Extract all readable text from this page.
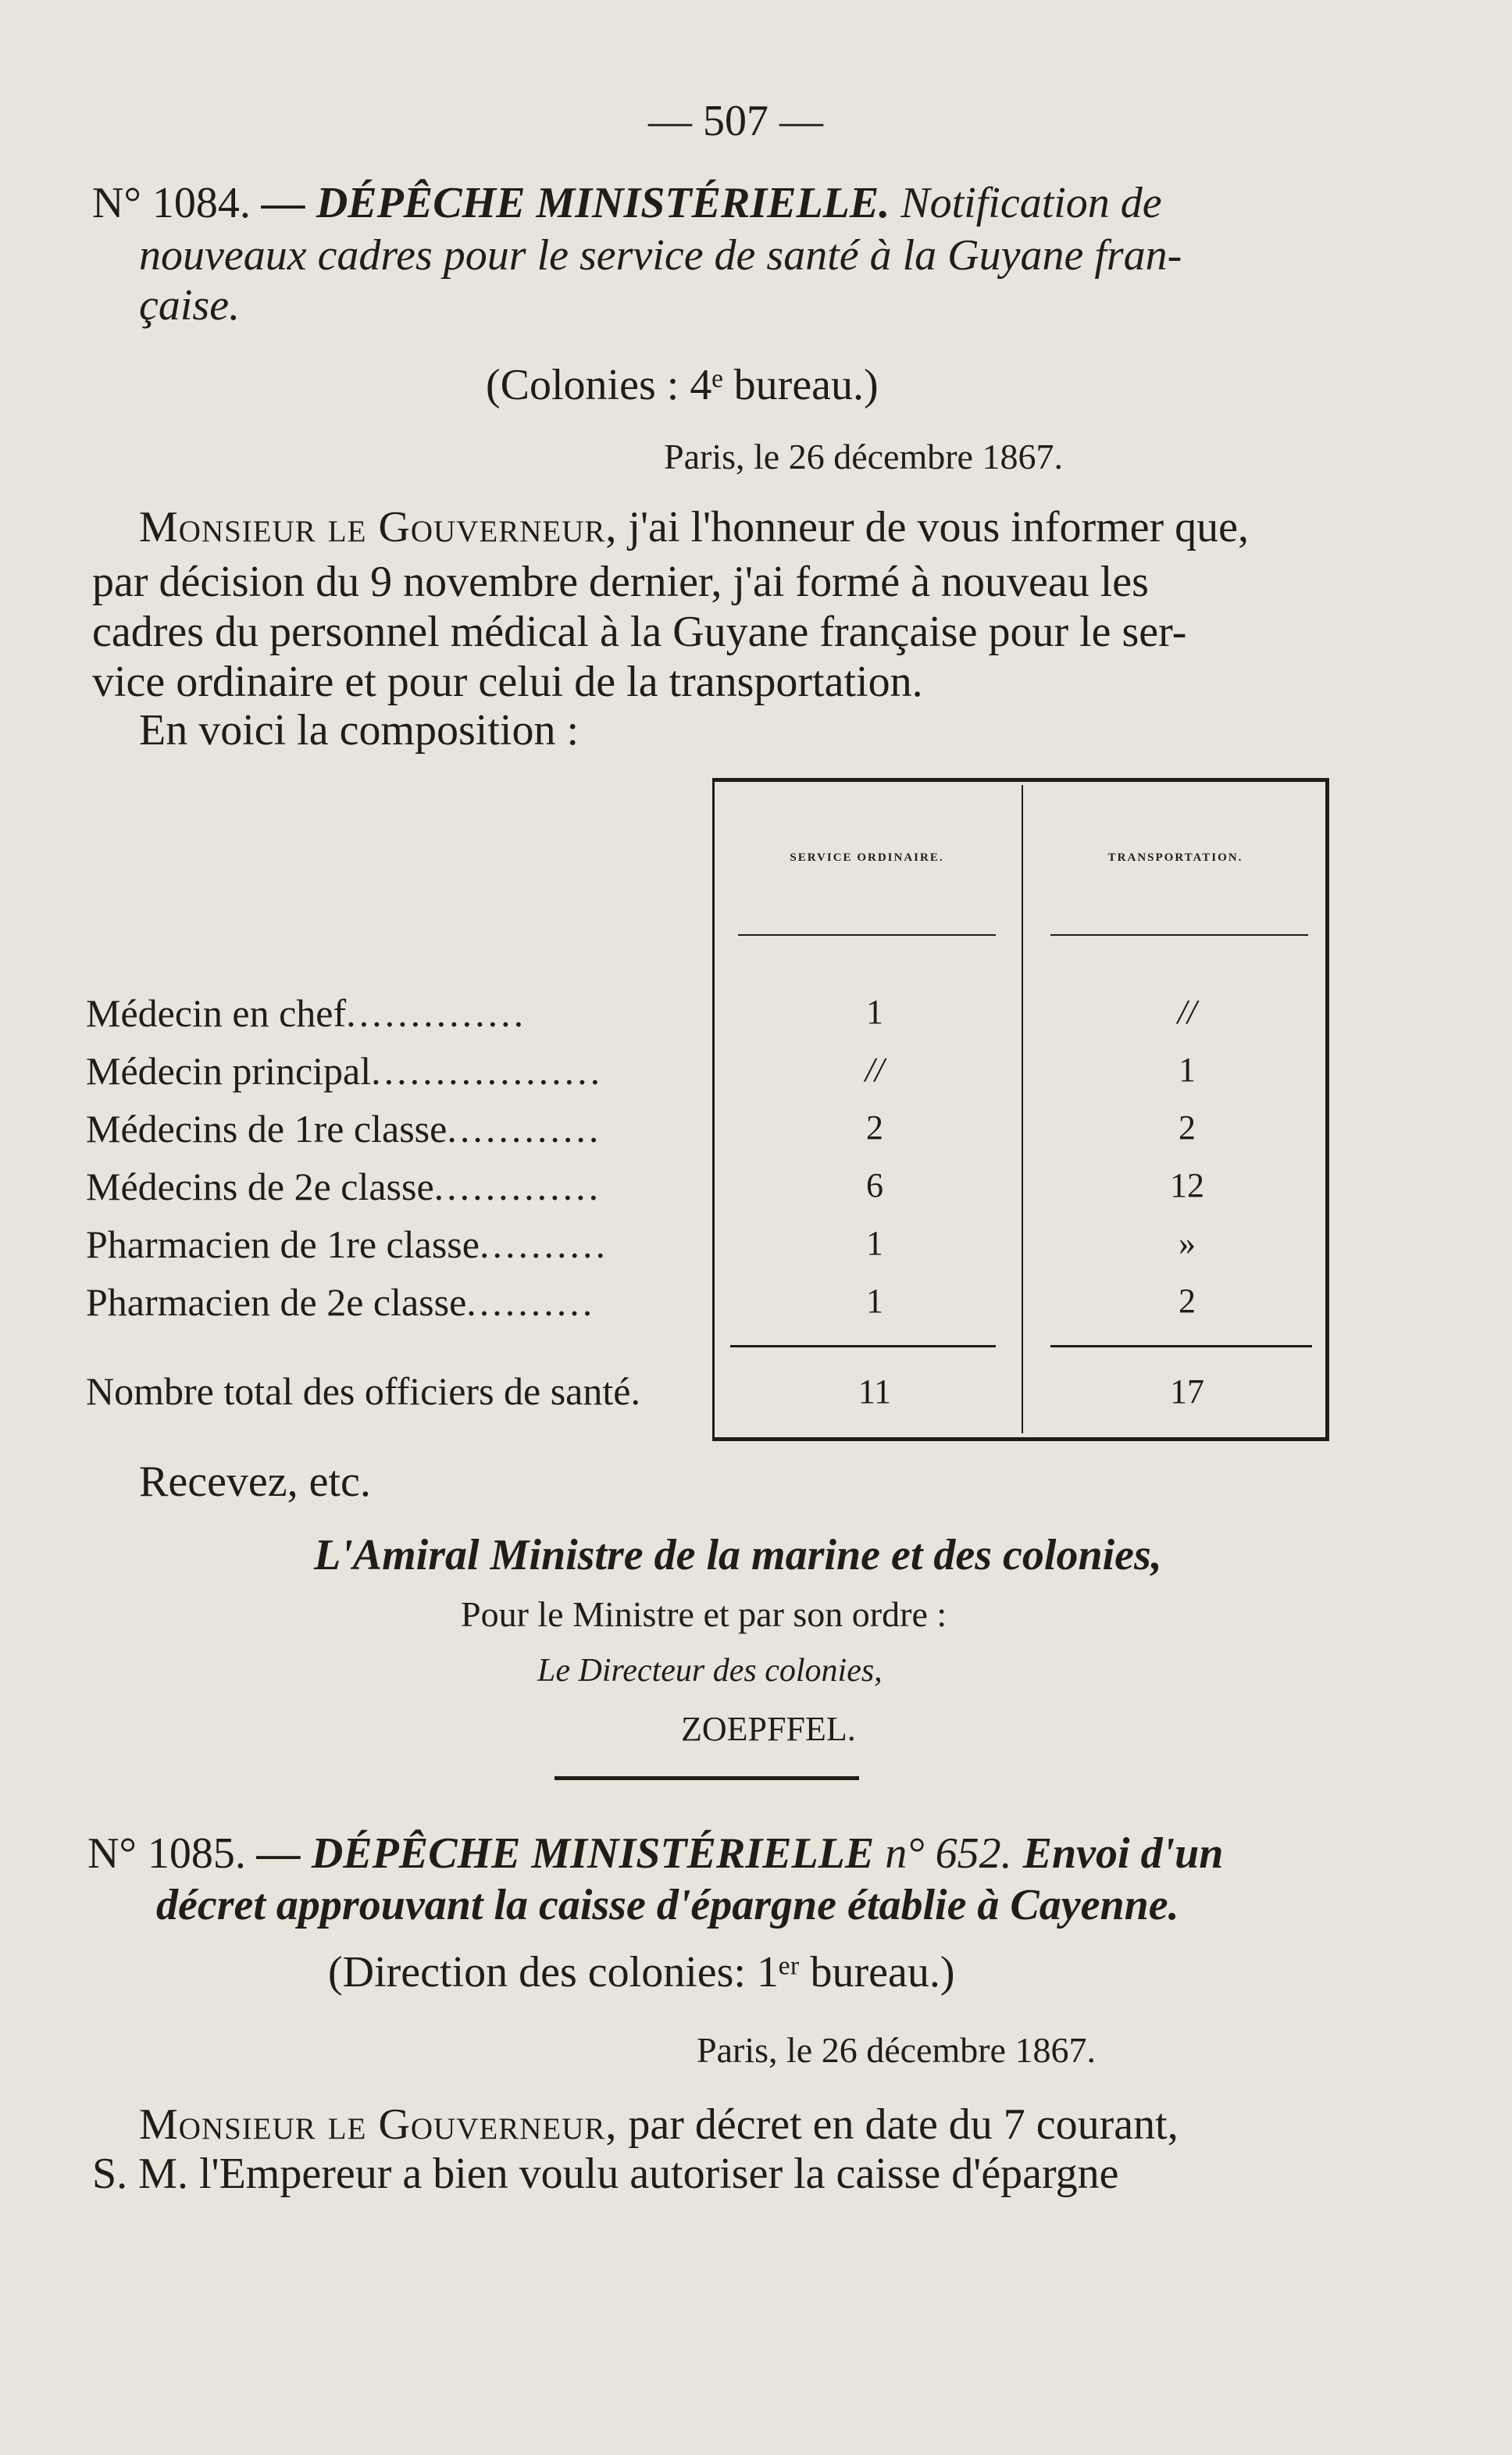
— 507 —
N° 1084. — DÉPÊCHE MINISTÉRIELLE. Notification de
nouveaux cadres pour le service de santé à la Guyane fran-
çaise.
(Colonies : 4ᵉ bureau.)
Paris, le 26 décembre 1867.
Monsieur le Gouverneur, j'ai l'honneur de vous informer que,
par décision du 9 novembre dernier, j'ai formé à nouveau les
cadres du personnel médical à la Guyane française pour le ser-
vice ordinaire et pour celui de la transportation.
En voici la composition :
SERVICE ORDINAIRE.	TRANSPORTATION.
Médecin en chef..............	1	//
Médecin principal..................	//	1
Médecins de 1re classe............	2	2
Médecins de 2e classe.............	6	12
Pharmacien de 1re classe..........	1	»
Pharmacien de 2e classe..........	1	2
Nombre total des officiers de santé.	11	17
Recevez, etc.
L'Amiral Ministre de la marine et des colonies,
Pour le Ministre et par son ordre :
Le Directeur des colonies,
ZOEPFFEL.
N° 1085. — DÉPÊCHE MINISTÉRIELLE n° 652. Envoi d'un
décret approuvant la caisse d'épargne établie à Cayenne.
(Direction des colonies: 1ᵉʳ bureau.)
Paris, le 26 décembre 1867.
Monsieur le Gouverneur, par décret en date du 7 courant,
S. M. l'Empereur a bien voulu autoriser la caisse d'épargne
